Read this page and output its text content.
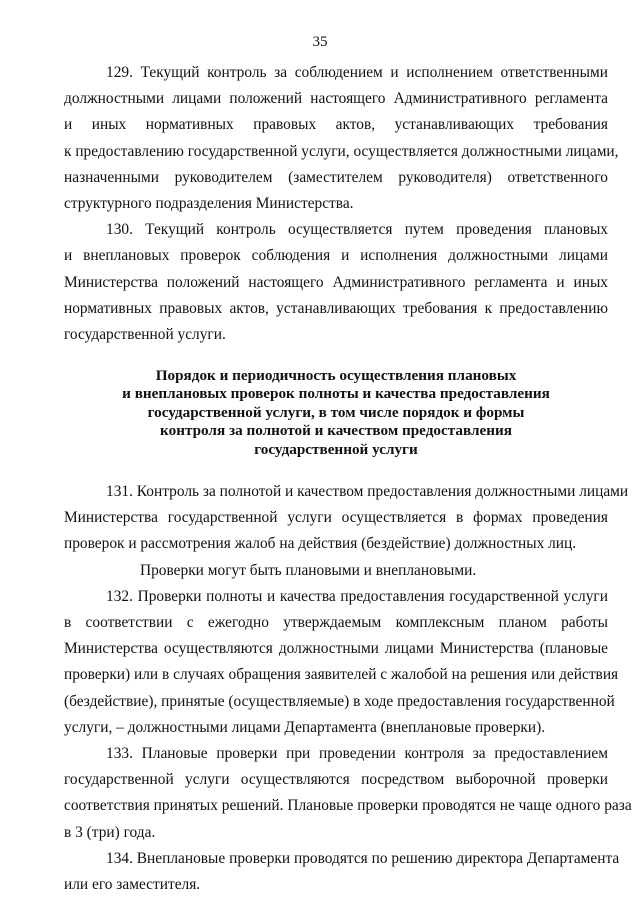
35
129. Текущий контроль за соблюдением и исполнением ответственными
должностными лицами положений настоящего Административного регламента
и иных нормативных правовых актов, устанавливающих требования
к предоставлению государственной услуги, осуществляется должностными лицами,
назначенными руководителем (заместителем руководителя) ответственного
структурного подразделения Министерства.
130. Текущий контроль осуществляется путем проведения плановых
и внеплановых проверок соблюдения и исполнения должностными лицами
Министерства положений настоящего Административного регламента и иных
нормативных правовых актов, устанавливающих требования к предоставлению
государственной услуги.
Порядок и периодичность осуществления плановых
и внеплановых проверок полноты и качества предоставления
государственной услуги, в том числе порядок и формы
контроля за полнотой и качеством предоставления
государственной услуги
131. Контроль за полнотой и качеством предоставления должностными лицами
Министерства государственной услуги осуществляется в формах проведения
проверок и рассмотрения жалоб на действия (бездействие) должностных лиц.
Проверки могут быть плановыми и внеплановыми.
132. Проверки полноты и качества предоставления государственной услуги
в соответствии с ежегодно утверждаемым комплексным планом работы
Министерства осуществляются должностными лицами Министерства (плановые
проверки) или в случаях обращения заявителей с жалобой на решения или действия
(бездействие), принятые (осуществляемые) в ходе предоставления государственной
услуги, – должностными лицами Департамента (внеплановые проверки).
133. Плановые проверки при проведении контроля за предоставлением
государственной услуги осуществляются посредством выборочной проверки
соответствия принятых решений. Плановые проверки проводятся не чаще одного раза
в 3 (три) года.
134. Внеплановые проверки проводятся по решению директора Департамента
или его заместителя.
